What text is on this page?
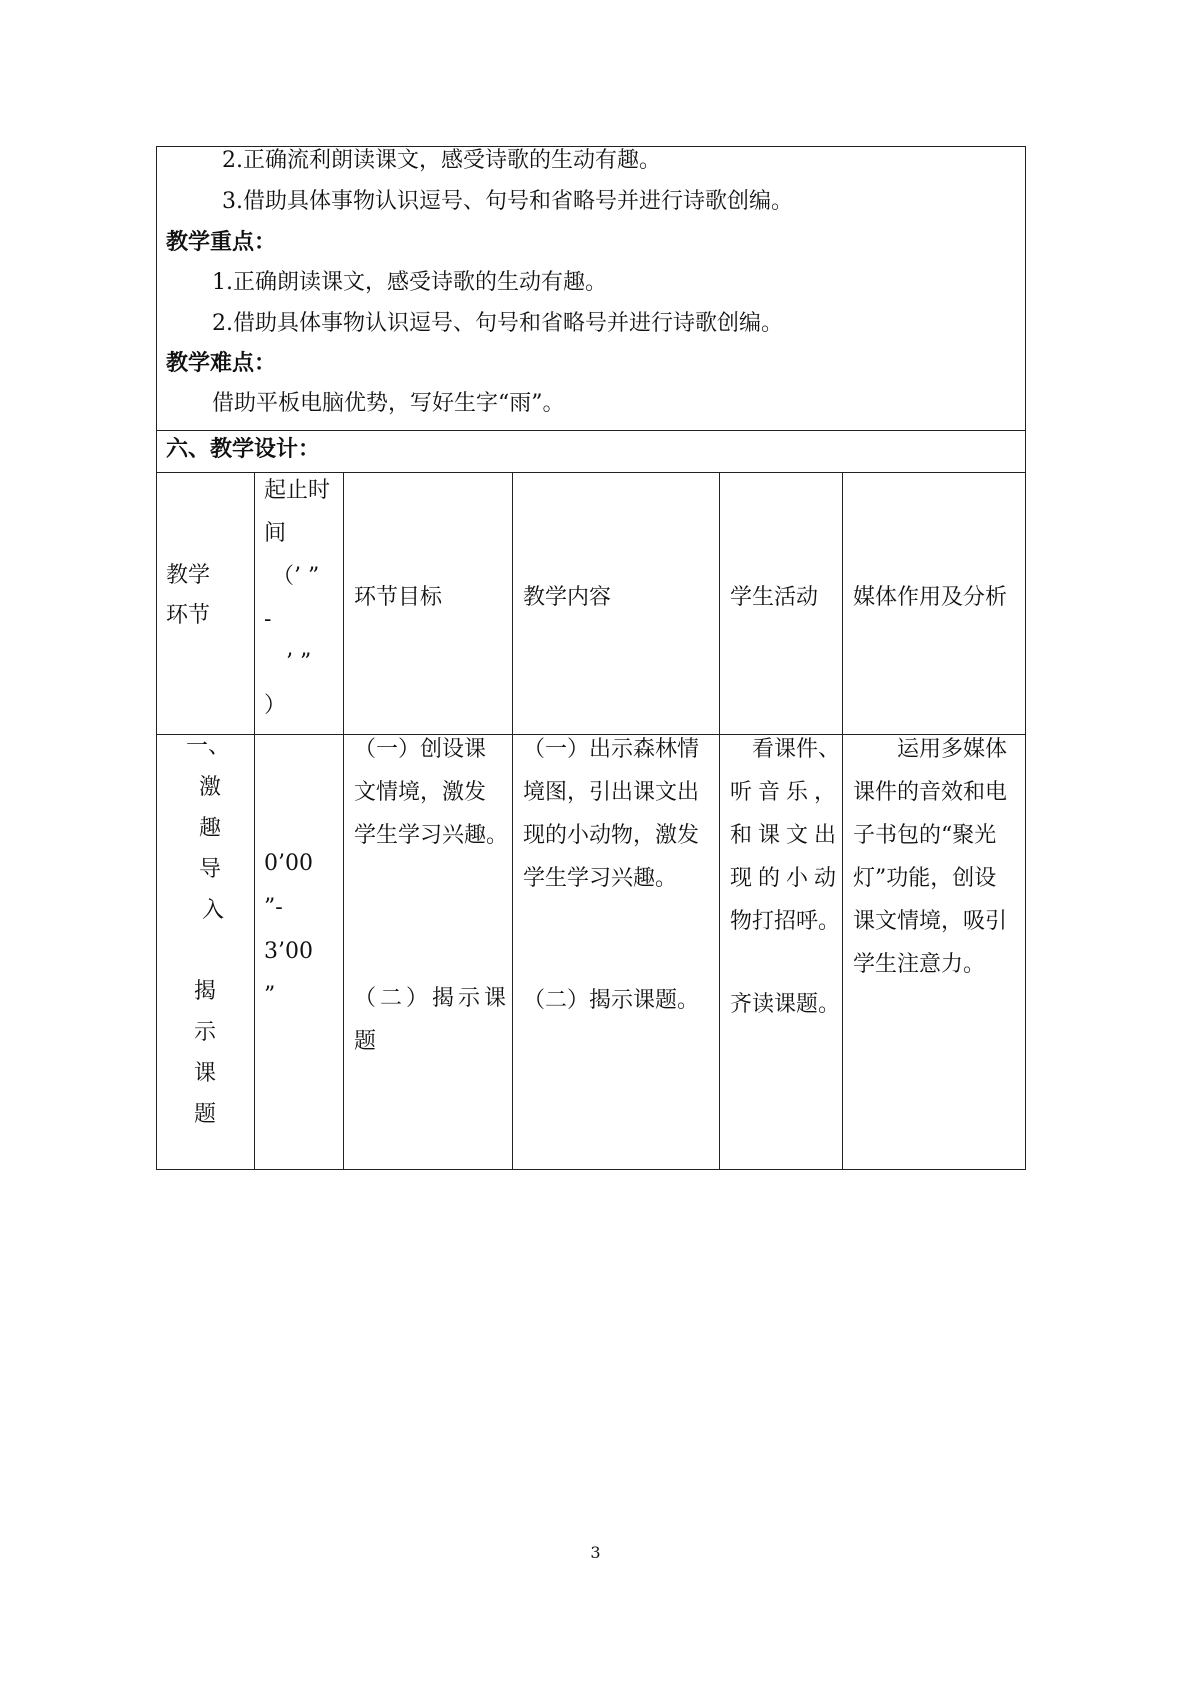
2.正确流利朗读课文，感受诗歌的生动有趣。
3.借助具体事物认识逗号、句号和省略号并进行诗歌创编。
教学重点：
1.正确朗读课文，感受诗歌的生动有趣。
2.借助具体事物认识逗号、句号和省略号并进行诗歌创编。
教学难点：
借助平板电脑优势，写好生字“雨”。
六、教学设计：
教学
环节
起止时
间
（’ ”
-
’ ”
）
环节目标	教学内容	学生活动 媒体作用及分析
一、
激
趣
导
入
揭
示
课
题
0’00
”-
3’00
”
（一）创设课
文情境，激发
学生学习兴趣。
（二）揭示课
题
（一）出示森林情
境图，引出课文出
现的小动物，激发
学生学习兴趣。
（二）揭示课题。
看课件、
听音乐，
和课文出
现的小动
物打招呼。
齐读课题。
运用多媒体
课件的音效和电
子书包的“聚光
灯”功能，创设
课文情境，吸引
学生注意力。
3
